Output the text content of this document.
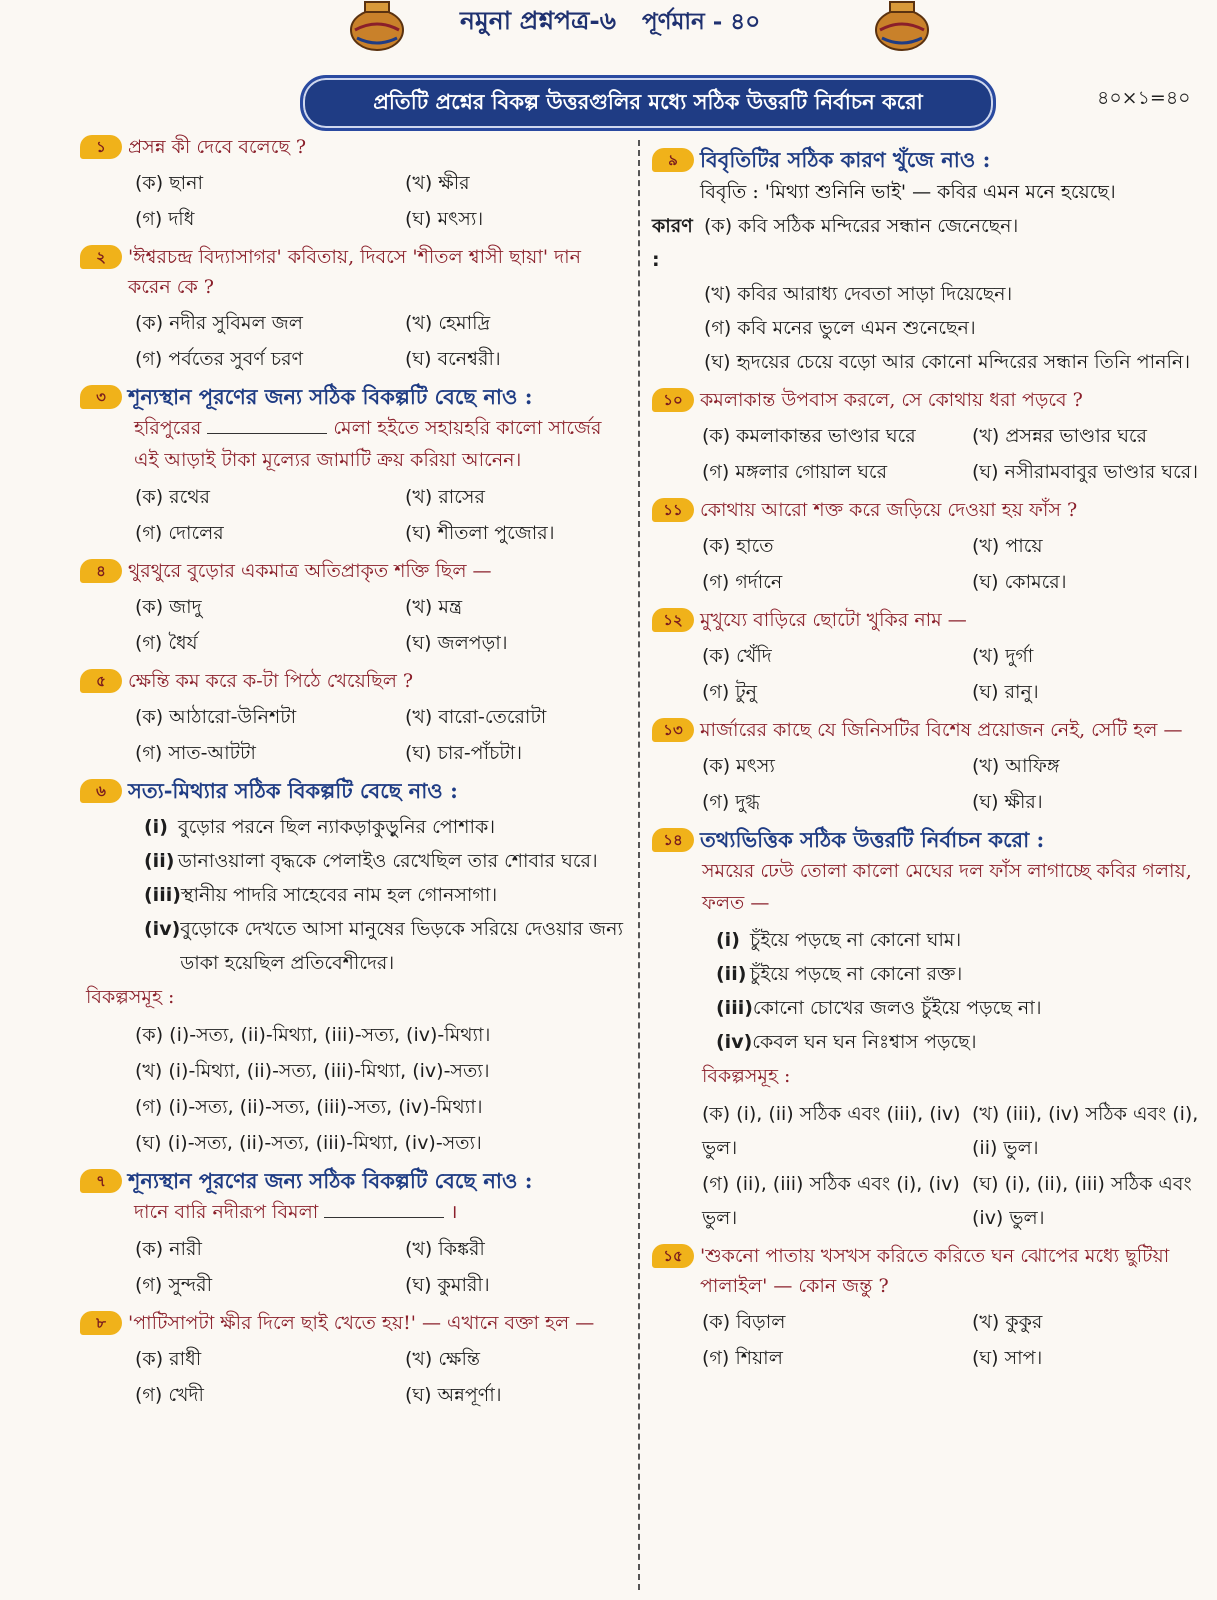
নমুনা প্রশ্নপত্র-৬ পূর্ণমান - ৪০
প্রতিটি প্রশ্নের বিকল্প উত্তরগুলির মধ্যে সঠিক উত্তরটি নির্বাচন করো	৪০×১=৪০
১	প্রসন্ন কী দেবে বলেছে ?
(ক) ছানা	(খ) ক্ষীর
(গ) দধি	(ঘ) মৎস্য।
২	'ঈশ্বরচন্দ্র বিদ্যাসাগর' কবিতায়, দিবসে 'শীতল শ্বাসী ছায়া' দান করেন কে ?
(ক) নদীর সুবিমল জল	(খ) হেমাদ্রি
(গ) পর্বতের সুবর্ণ চরণ	(ঘ) বনেশ্বরী।
৩	শূন্যস্থান পূরণের জন্য সঠিক বিকল্পটি বেছে নাও :
হরিপুরের	মেলা হইতে সহায়হরি কালো সার্জের এই আড়াই টাকা মূল্যের জামাটি ক্রয় করিয়া আনেন।
(ক) রথের	(খ) রাসের
(গ) দোলের	(ঘ) শীতলা পুজোর।
৪	থুরথুরে বুড়োর একমাত্র অতিপ্রাকৃত শক্তি ছিল —
(ক) জাদু	(খ) মন্ত্র
(গ) ধৈর্য	(ঘ) জলপড়া।
৫	ক্ষেন্তি কম করে ক-টা পিঠে খেয়েছিল ?
(ক) আঠারো-উনিশটা	(খ) বারো-তেরোটা
(গ) সাত-আটটা	(ঘ) চার-পাঁচটা।
৬	সত্য-মিথ্যার সঠিক বিকল্পটি বেছে নাও :
(i) বুড়োর পরনে ছিল ন্যাকড়াকুড়ুনির পোশাক।
(ii) ডানাওয়ালা বৃদ্ধকে পেলাইও রেখেছিল তার শোবার ঘরে।
(iii) স্থানীয় পাদরি সাহেবের নাম হল গোনসাগা।
(iv) বুড়োকে দেখতে আসা মানুষের ভিড়কে সরিয়ে দেওয়ার জন্য ডাকা হয়েছিল প্রতিবেশীদের।
বিকল্পসমূহ :
(ক) (i)-সত্য, (ii)-মিথ্যা, (iii)-সত্য, (iv)-মিথ্যা।
(খ) (i)-মিথ্যা, (ii)-সত্য, (iii)-মিথ্যা, (iv)-সত্য।
(গ) (i)-সত্য, (ii)-সত্য, (iii)-সত্য, (iv)-মিথ্যা।
(ঘ) (i)-সত্য, (ii)-সত্য, (iii)-মিথ্যা, (iv)-সত্য।
৭	শূন্যস্থান পূরণের জন্য সঠিক বিকল্পটি বেছে নাও :
দানে বারি নদীরূপ বিমলা	।
(ক) নারী	(খ) কিঙ্করী
(গ) সুন্দরী	(ঘ) কুমারী।
৮	'পাটিসাপটা ক্ষীর দিলে ছাই খেতে হয়!' — এখানে বক্তা হল —
(ক) রাধী	(খ) ক্ষেন্তি
(গ) খেদী	(ঘ) অন্নপূর্ণা।
৯	বিবৃতিটির সঠিক কারণ খুঁজে নাও :
বিবৃতি : 'মিথ্যা শুনিনি ভাই' — কবির এমন মনে হয়েছে।
কারণ :
(ক) কবি সঠিক মন্দিরের সন্ধান জেনেছেন।
(খ) কবির আরাধ্য দেবতা সাড়া দিয়েছেন।
(গ) কবি মনের ভুলে এমন শুনেছেন।
(ঘ) হৃদয়ের চেয়ে বড়ো আর কোনো মন্দিরের সন্ধান তিনি পাননি।
১০ কমলাকান্ত উপবাস করলে, সে কোথায় ধরা পড়বে ?
(ক) কমলাকান্তর ভাণ্ডার ঘরে	(খ) প্রসন্নর ভাণ্ডার ঘরে
(গ) মঙ্গলার গোয়াল ঘরে	(ঘ) নসীরামবাবুর ভাণ্ডার ঘরে।
১১ কোথায় আরো শক্ত করে জড়িয়ে দেওয়া হয় ফাঁস ?
(ক) হাতে	(খ) পায়ে
(গ) গর্দানে	(ঘ) কোমরে।
১২ মুখুয্যে বাড়িরে ছোটো খুকির নাম —
(ক) খেঁদি	(খ) দুর্গা
(গ) টুনু	(ঘ) রানু।
১৩ মার্জারের কাছে যে জিনিসটির বিশেষ প্রয়োজন নেই, সেটি হল —
(ক) মৎস্য	(খ) আফিঙ্গ
(গ) দুগ্ধ	(ঘ) ক্ষীর।
১৪ তথ্যভিত্তিক সঠিক উত্তরটি নির্বাচন করো :
সময়ের ঢেউ তোলা কালো মেঘের দল ফাঁস লাগাচ্ছে কবির গলায়, ফলত —
(i) চুঁইয়ে পড়ছে না কোনো ঘাম।
(ii) চুঁইয়ে পড়ছে না কোনো রক্ত।
(iii) কোনো চোখের জলও চুঁইয়ে পড়ছে না।
(iv) কেবল ঘন ঘন নিঃশ্বাস পড়ছে।
বিকল্পসমূহ :
(ক) (i), (ii) সঠিক এবং (iii), (iv) ভুল।
(খ) (iii), (iv) সঠিক এবং (i), (ii) ভুল।
(গ) (ii), (iii) সঠিক এবং (i), (iv) ভুল।
(ঘ) (i), (ii), (iii) সঠিক এবং (iv) ভুল।
১৫ 'শুকনো পাতায় খসখস করিতে করিতে ঘন ঝোপের মধ্যে ছুটিয়া পালাইল' — কোন জন্তু ?
(ক) বিড়াল	(খ) কুকুর
(গ) শিয়াল	(ঘ) সাপ।
